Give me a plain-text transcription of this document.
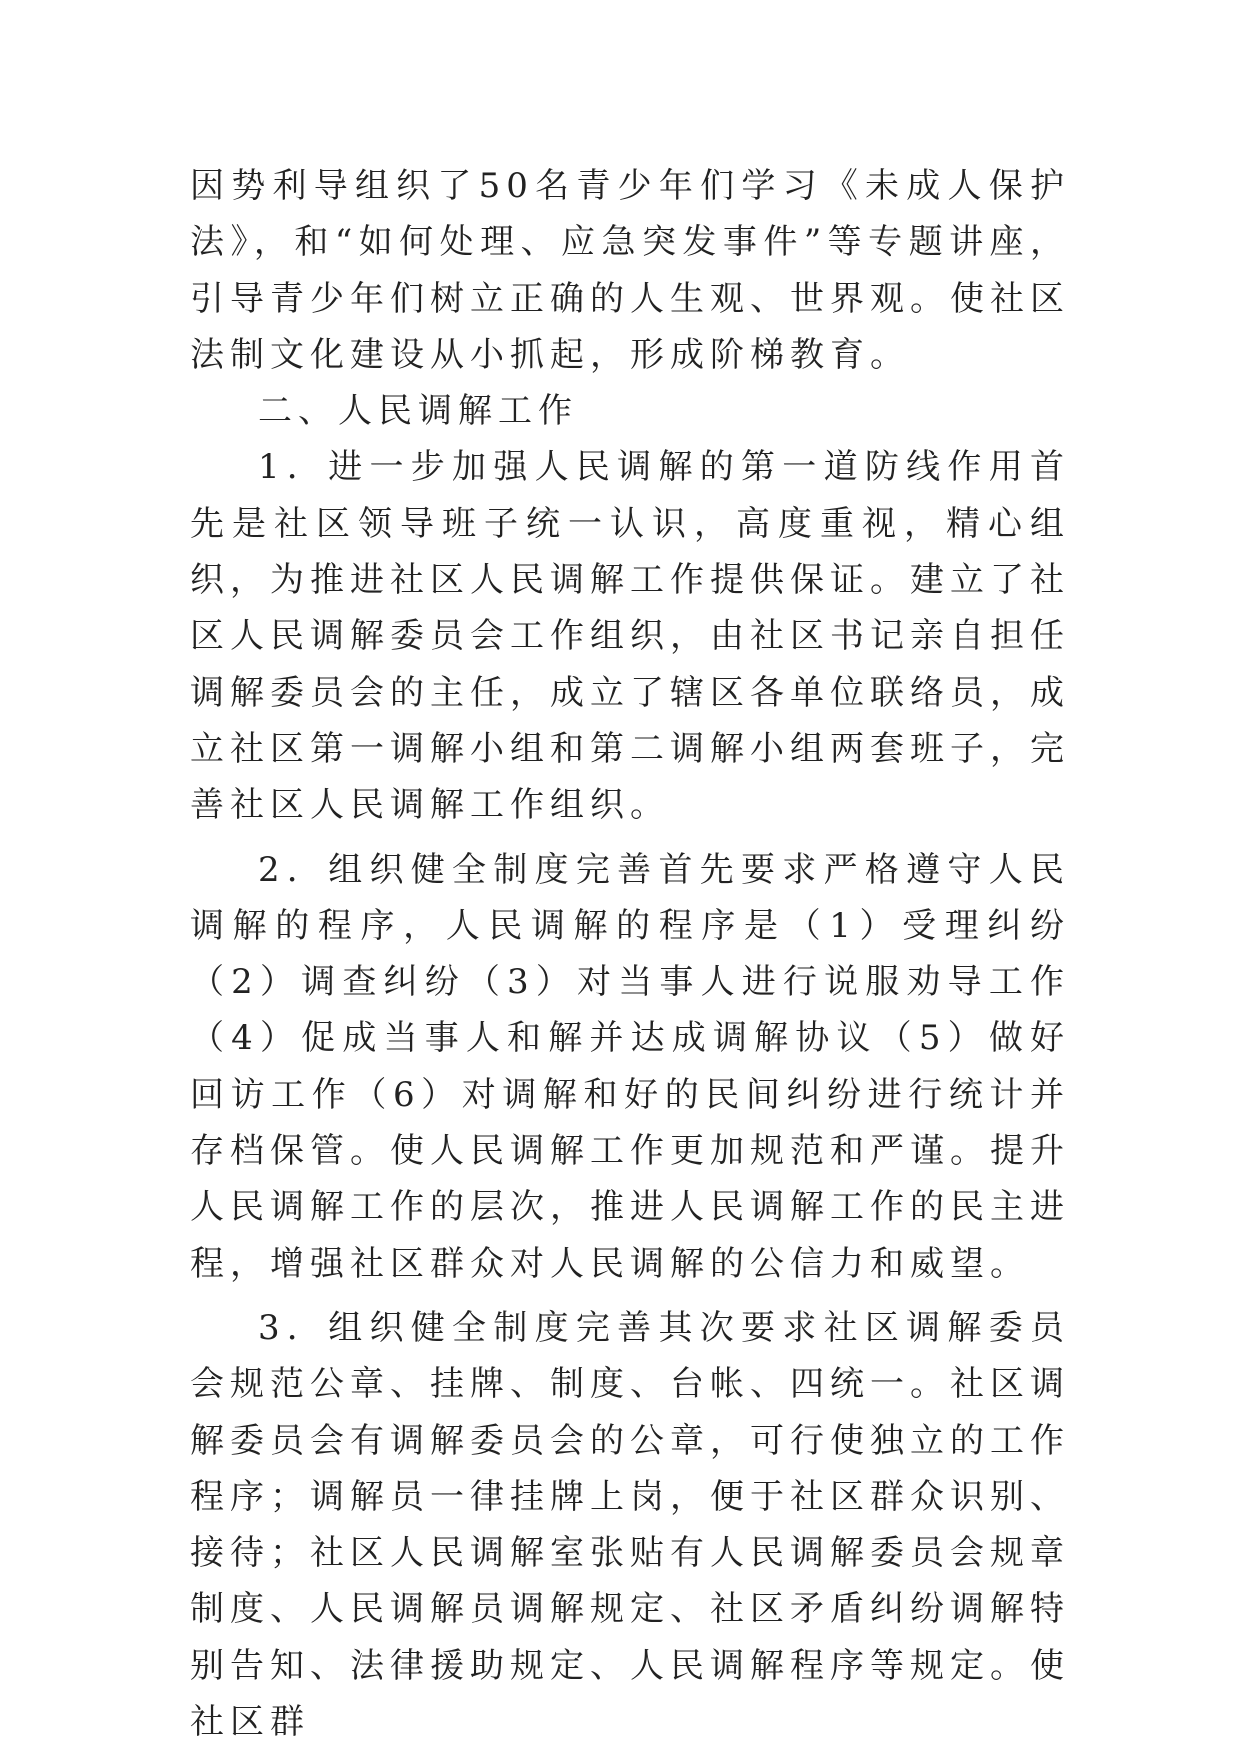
因势利导组织了50名青少年们学习《未成人保护法》，和“如何处理、应急突发事件”等专题讲座，引导青少年们树立正确的人生观、世界观。使社区法制文化建设从小抓起，形成阶梯教育。

二、人民调解工作

1．进一步加强人民调解的第一道防线作用首先是社区领导班子统一认识，高度重视，精心组织，为推进社区人民调解工作提供保证。建立了社区人民调解委员会工作组织，由社区书记亲自担任调解委员会的主任，成立了辖区各单位联络员，成立社区第一调解小组和第二调解小组两套班子，完善社区人民调解工作组织。

2．组织健全制度完善首先要求严格遵守人民调解的程序，人民调解的程序是（1）受理纠纷（2）调查纠纷（3）对当事人进行说服劝导工作（4）促成当事人和解并达成调解协议（5）做好回访工作（6）对调解和好的民间纠纷进行统计并存档保管。使人民调解工作更加规范和严谨。提升人民调解工作的层次，推进人民调解工作的民主进程，增强社区群众对人民调解的公信力和威望。

3．组织健全制度完善其次要求社区调解委员会规范公章、挂牌、制度、台帐、四统一。社区调解委员会有调解委员会的公章，可行使独立的工作程序；调解员一律挂牌上岗，便于社区群众识别、接待；社区人民调解室张贴有人民调解委员会规章制度、人民调解员调解规定、社区矛盾纠纷调解特别告知、法律援助规定、人民调解程序等规定。使社区群
